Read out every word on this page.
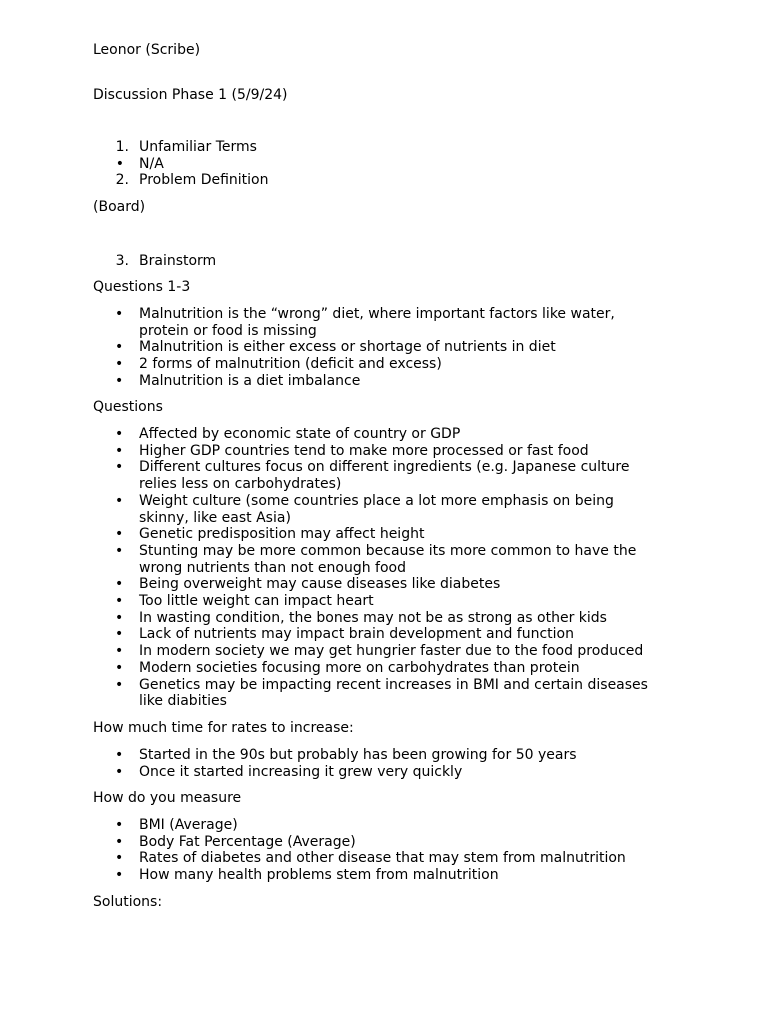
Leonor (Scribe)

Discussion Phase 1 (5/9/24)

1. Unfamiliar Terms
• N/A
2. Problem Definition

(Board)

3. Brainstorm

Questions 1-3

• Malnutrition is the “wrong” diet, where important factors like water, protein or food is missing
• Malnutrition is either excess or shortage of nutrients in diet
• 2 forms of malnutrition (deficit and excess)
• Malnutrition is a diet imbalance

Questions

• Affected by economic state of country or GDP
• Higher GDP countries tend to make more processed or fast food
• Different cultures focus on different ingredients (e.g. Japanese culture relies less on carbohydrates)
• Weight culture (some countries place a lot more emphasis on being skinny, like east Asia)
• Genetic predisposition may affect height
• Stunting may be more common because its more common to have the wrong nutrients than not enough food
• Being overweight may cause diseases like diabetes
• Too little weight can impact heart
• In wasting condition, the bones may not be as strong as other kids
• Lack of nutrients may impact brain development and function
• In modern society we may get hungrier faster due to the food produced
• Modern societies focusing more on carbohydrates than protein
• Genetics may be impacting recent increases in BMI and certain diseases like diabities

How much time for rates to increase:

• Started in the 90s but probably has been growing for 50 years
• Once it started increasing it grew very quickly

How do you measure

• BMI (Average)
• Body Fat Percentage (Average)
• Rates of diabetes and other disease that may stem from malnutrition
• How many health problems stem from malnutrition

Solutions:
